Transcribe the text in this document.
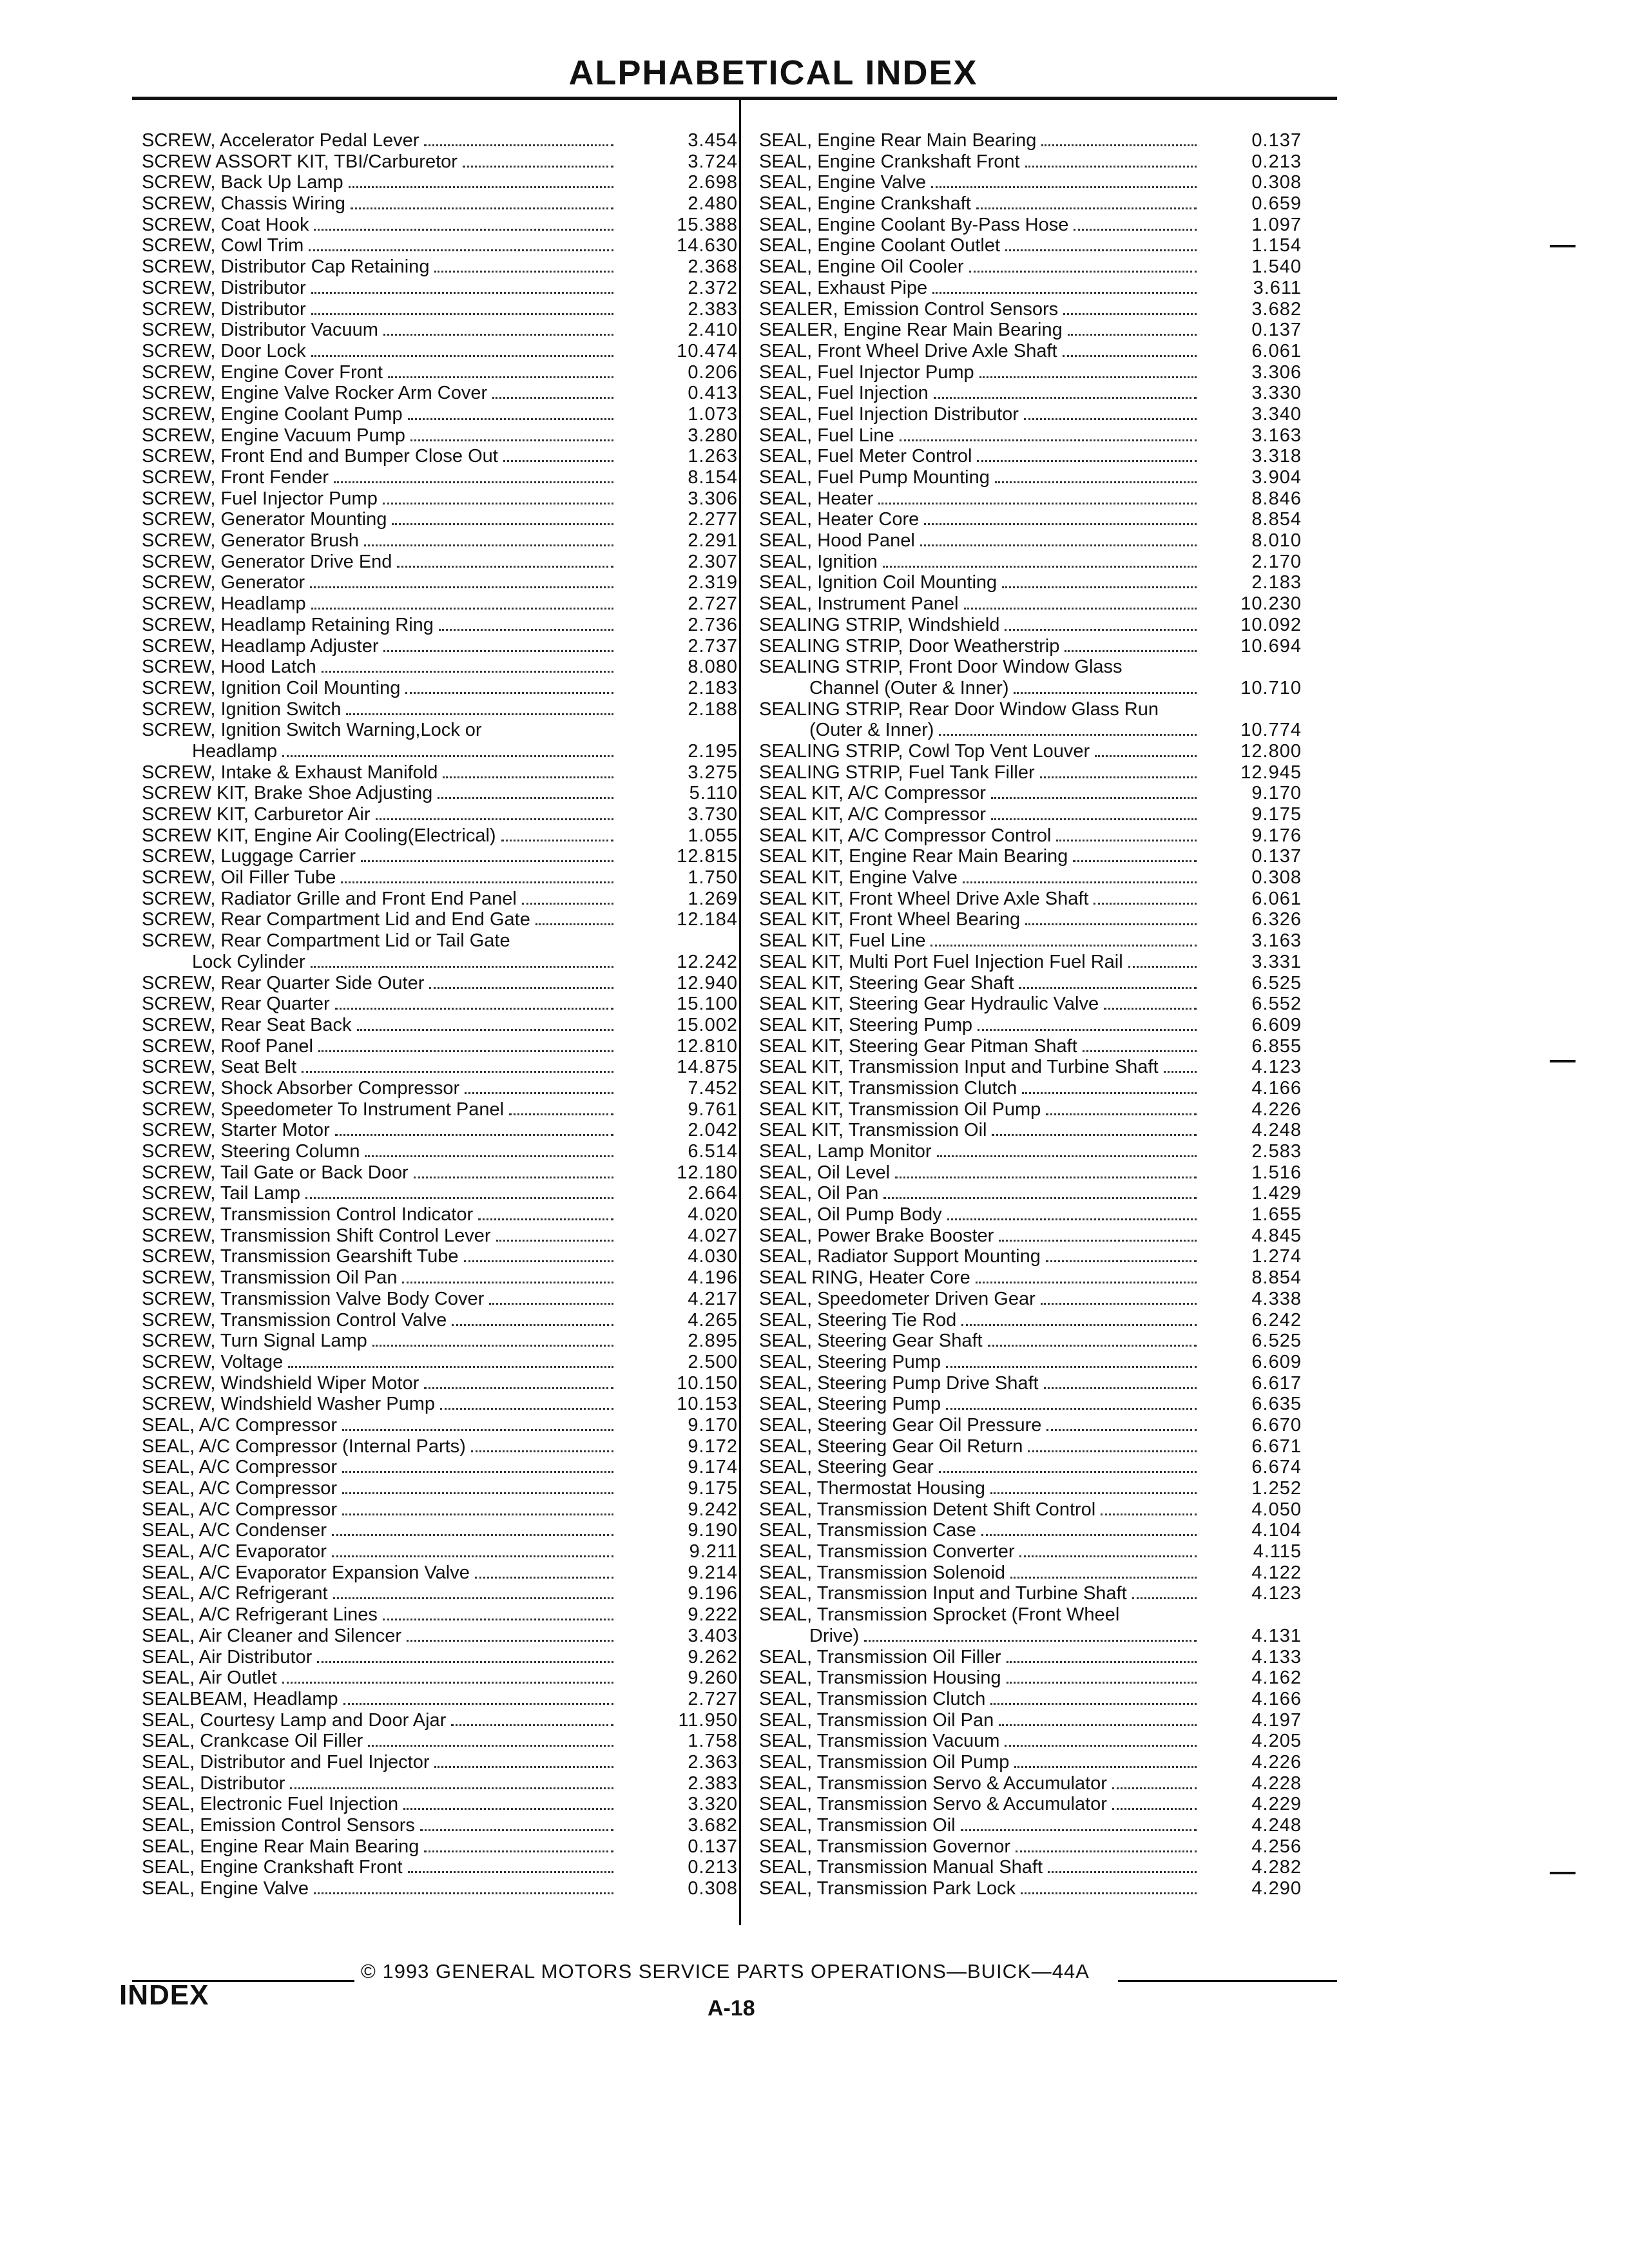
ALPHABETICAL INDEX
SCREW, Accelerator Pedal Lever	3.454
SCREW ASSORT KIT, TBI/Carburetor	3.724
SCREW, Back Up Lamp	2.698
SCREW, Chassis Wiring	2.480
SCREW, Coat Hook	15.388
SCREW, Cowl Trim	14.630
SCREW, Distributor Cap Retaining	2.368
SCREW, Distributor	2.372
SCREW, Distributor	2.383
SCREW, Distributor Vacuum	2.410
SCREW, Door Lock	10.474
SCREW, Engine Cover Front	0.206
SCREW, Engine Valve Rocker Arm Cover	0.413
SCREW, Engine Coolant Pump	1.073
SCREW, Engine Vacuum Pump	3.280
SCREW, Front End and Bumper Close Out	1.263
SCREW, Front Fender	8.154
SCREW, Fuel Injector Pump	3.306
SCREW, Generator Mounting	2.277
SCREW, Generator Brush	2.291
SCREW, Generator Drive End	2.307
SCREW, Generator	2.319
SCREW, Headlamp	2.727
SCREW, Headlamp Retaining Ring	2.736
SCREW, Headlamp Adjuster	2.737
SCREW, Hood Latch	8.080
SCREW, Ignition Coil Mounting	2.183
SCREW, Ignition Switch	2.188
SCREW, Ignition Switch Warning,Lock or
Headlamp	2.195
SCREW, Intake & Exhaust Manifold	3.275
SCREW KIT, Brake Shoe Adjusting	5.110
SCREW KIT, Carburetor Air	3.730
SCREW KIT, Engine Air Cooling(Electrical)	1.055
SCREW, Luggage Carrier	12.815
SCREW, Oil Filler Tube	1.750
SCREW, Radiator Grille and Front End Panel	1.269
SCREW, Rear Compartment Lid and End Gate	12.184
SCREW, Rear Compartment Lid or Tail Gate
Lock Cylinder	12.242
SCREW, Rear Quarter Side Outer	12.940
SCREW, Rear Quarter	15.100
SCREW, Rear Seat Back	15.002
SCREW, Roof Panel	12.810
SCREW, Seat Belt	14.875
SCREW, Shock Absorber Compressor	7.452
SCREW, Speedometer To Instrument Panel	9.761
SCREW, Starter Motor	2.042
SCREW, Steering Column	6.514
SCREW, Tail Gate or Back Door	12.180
SCREW, Tail Lamp	2.664
SCREW, Transmission Control Indicator	4.020
SCREW, Transmission Shift Control Lever	4.027
SCREW, Transmission Gearshift Tube	4.030
SCREW, Transmission Oil Pan	4.196
SCREW, Transmission Valve Body Cover	4.217
SCREW, Transmission Control Valve	4.265
SCREW, Turn Signal Lamp	2.895
SCREW, Voltage	2.500
SCREW, Windshield Wiper Motor	10.150
SCREW, Windshield Washer Pump	10.153
SEAL, A/C Compressor	9.170
SEAL, A/C Compressor (Internal Parts)	9.172
SEAL, A/C Compressor	9.174
SEAL, A/C Compressor	9.175
SEAL, A/C Compressor	9.242
SEAL, A/C Condenser	9.190
SEAL, A/C Evaporator	9.211
SEAL, A/C Evaporator Expansion Valve	9.214
SEAL, A/C Refrigerant	9.196
SEAL, A/C Refrigerant Lines	9.222
SEAL, Air Cleaner and Silencer	3.403
SEAL, Air Distributor	9.262
SEAL, Air Outlet	9.260
SEALBEAM, Headlamp	2.727
SEAL, Courtesy Lamp and Door Ajar	11.950
SEAL, Crankcase Oil Filler	1.758
SEAL, Distributor and Fuel Injector	2.363
SEAL, Distributor	2.383
SEAL, Electronic Fuel Injection	3.320
SEAL, Emission Control Sensors	3.682
SEAL, Engine Rear Main Bearing	0.137
SEAL, Engine Crankshaft Front	0.213
SEAL, Engine Valve	0.308
SEAL, Engine Rear Main Bearing	0.137
SEAL, Engine Crankshaft Front	0.213
SEAL, Engine Valve	0.308
SEAL, Engine Crankshaft	0.659
SEAL, Engine Coolant By-Pass Hose	1.097
SEAL, Engine Coolant Outlet	1.154
SEAL, Engine Oil Cooler	1.540
SEAL, Exhaust Pipe	3.611
SEALER, Emission Control Sensors	3.682
SEALER, Engine Rear Main Bearing	0.137
SEAL, Front Wheel Drive Axle Shaft	6.061
SEAL, Fuel Injector Pump	3.306
SEAL, Fuel Injection	3.330
SEAL, Fuel Injection Distributor	3.340
SEAL, Fuel Line	3.163
SEAL, Fuel Meter Control	3.318
SEAL, Fuel Pump Mounting	3.904
SEAL, Heater	8.846
SEAL, Heater Core	8.854
SEAL, Hood Panel	8.010
SEAL, Ignition	2.170
SEAL, Ignition Coil Mounting	2.183
SEAL, Instrument Panel	10.230
SEALING STRIP, Windshield	10.092
SEALING STRIP, Door Weatherstrip	10.694
SEALING STRIP, Front Door Window Glass
Channel (Outer & Inner)	10.710
SEALING STRIP, Rear Door Window Glass Run
(Outer & Inner)	10.774
SEALING STRIP, Cowl Top Vent Louver	12.800
SEALING STRIP, Fuel Tank Filler	12.945
SEAL KIT, A/C Compressor	9.170
SEAL KIT, A/C Compressor	9.175
SEAL KIT, A/C Compressor Control	9.176
SEAL KIT, Engine Rear Main Bearing	0.137
SEAL KIT, Engine Valve	0.308
SEAL KIT, Front Wheel Drive Axle Shaft	6.061
SEAL KIT, Front Wheel Bearing	6.326
SEAL KIT, Fuel Line	3.163
SEAL KIT, Multi Port Fuel Injection Fuel Rail	3.331
SEAL KIT, Steering Gear Shaft	6.525
SEAL KIT, Steering Gear Hydraulic Valve	6.552
SEAL KIT, Steering Pump	6.609
SEAL KIT, Steering Gear Pitman Shaft	6.855
SEAL KIT, Transmission Input and Turbine Shaft	4.123
SEAL KIT, Transmission Clutch	4.166
SEAL KIT, Transmission Oil Pump	4.226
SEAL KIT, Transmission Oil	4.248
SEAL, Lamp Monitor	2.583
SEAL, Oil Level	1.516
SEAL, Oil Pan	1.429
SEAL, Oil Pump Body	1.655
SEAL, Power Brake Booster	4.845
SEAL, Radiator Support Mounting	1.274
SEAL RING, Heater Core	8.854
SEAL, Speedometer Driven Gear	4.338
SEAL, Steering Tie Rod	6.242
SEAL, Steering Gear Shaft	6.525
SEAL, Steering Pump	6.609
SEAL, Steering Pump Drive Shaft	6.617
SEAL, Steering Pump	6.635
SEAL, Steering Gear Oil Pressure	6.670
SEAL, Steering Gear Oil Return	6.671
SEAL, Steering Gear	6.674
SEAL, Thermostat Housing	1.252
SEAL, Transmission Detent Shift Control	4.050
SEAL, Transmission Case	4.104
SEAL, Transmission Converter	4.115
SEAL, Transmission Solenoid	4.122
SEAL, Transmission Input and Turbine Shaft	4.123
SEAL, Transmission Sprocket (Front Wheel
Drive)	4.131
SEAL, Transmission Oil Filler	4.133
SEAL, Transmission Housing	4.162
SEAL, Transmission Clutch	4.166
SEAL, Transmission Oil Pan	4.197
SEAL, Transmission Vacuum	4.205
SEAL, Transmission Oil Pump	4.226
SEAL, Transmission Servo & Accumulator	4.228
SEAL, Transmission Servo & Accumulator	4.229
SEAL, Transmission Oil	4.248
SEAL, Transmission Governor	4.256
SEAL, Transmission Manual Shaft	4.282
SEAL, Transmission Park Lock	4.290
© 1993 GENERAL MOTORS SERVICE PARTS OPERATIONS—BUICK—44A
INDEX	A-18
